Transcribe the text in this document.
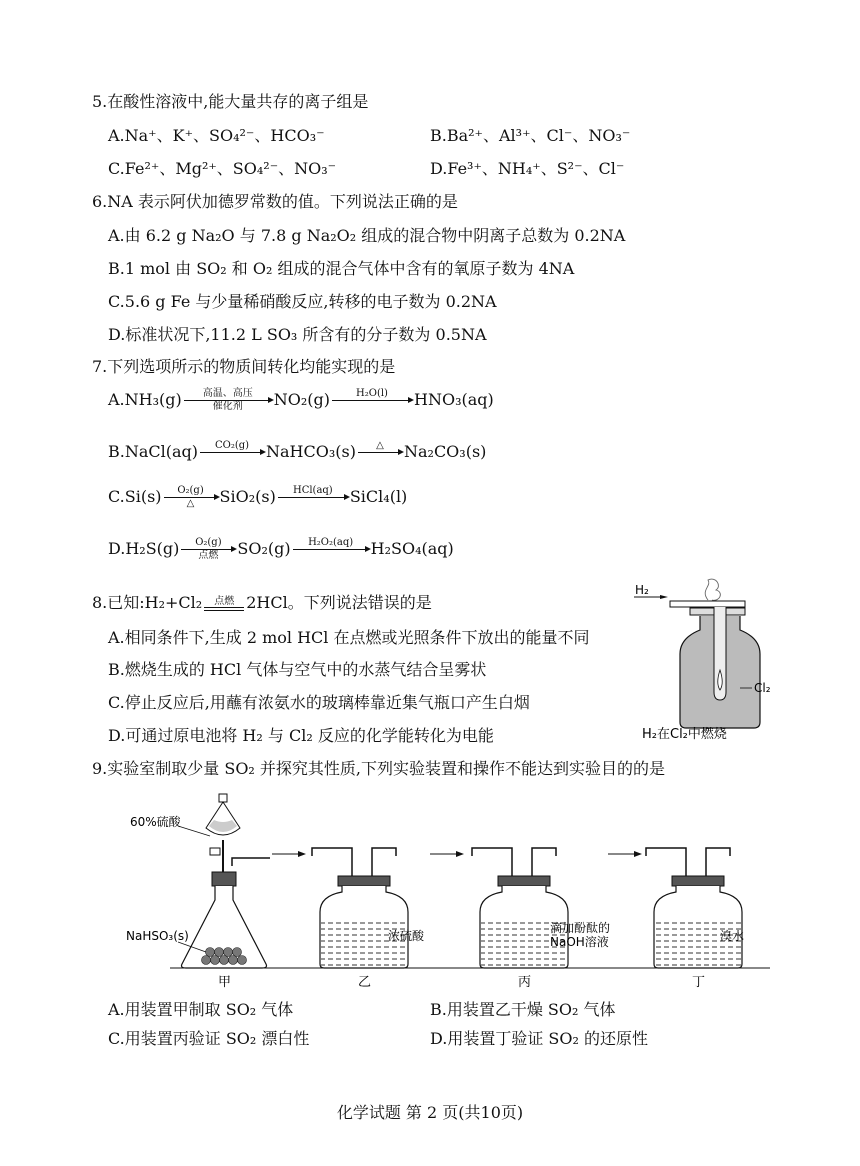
5.在酸性溶液中,能大量共存的离子组是
A.Na⁺、K⁺、SO₄²⁻、HCO₃⁻	B.Ba²⁺、Al³⁺、Cl⁻、NO₃⁻
C.Fe²⁺、Mg²⁺、SO₄²⁻、NO₃⁻	D.Fe³⁺、NH₄⁺、S²⁻、Cl⁻
6.NA 表示阿伏加德罗常数的值。下列说法正确的是
A.由 6.2 g Na₂O 与 7.8 g Na₂O₂ 组成的混合物中阴离子总数为 0.2NA
B.1 mol 由 SO₂ 和 O₂ 组成的混合气体中含有的氧原子数为 4NA
C.5.6 g Fe 与少量稀硝酸反应,转移的电子数为 0.2NA
D.标准状况下,11.2 L SO₃ 所含有的分子数为 0.5NA
7.下列选项所示的物质间转化均能实现的是
$A.NH_3(g) \frac{\text{高温、高压}}{\text{催化剂}} NO_2(g)$	H₂O(l)	HNO₃(aq)
B.NaCl(aq)	CO₂(g)	NaHCO₃(s)	△	Na₂CO₃(s)
$C.Si(s) \frac{\text{O₂(g)}}{\triangle} SiO_2(s)$	HCl(aq)	SiCl₄(l)
$D.H_2S(g) \frac{\text{O₂(g)}}{\text{点燃}} SO_2(g)$	H₂O₂(aq)	H₂SO₄(aq)
8.已知:H₂+Cl₂	点燃 2HCl。下列说法错误的是
A.相同条件下,生成 2 mol HCl 在点燃或光照条件下放出的能量不同
B.燃烧生成的 HCl 气体与空气中的水蒸气结合呈雾状
C.停止反应后,用蘸有浓氨水的玻璃棒靠近集气瓶口产生白烟
D.可通过原电池将 H₂ 与 Cl₂ 反应的化学能转化为电能
H₂
Cl₂
H₂在Cl₂中燃烧
9.实验室制取少量 SO₂ 并探究其性质,下列实验装置和操作不能达到实验目的的是
60%硫酸
NaHSO₃(s)
甲
浓硫酸
乙
滴加酚酞的
NaOH溶液
丙
溴水
丁
A.用装置甲制取 SO₂ 气体	B.用装置乙干燥 SO₂ 气体
C.用装置丙验证 SO₂ 漂白性	D.用装置丁验证 SO₂ 的还原性
化学试题 第 2 页(共10页)
